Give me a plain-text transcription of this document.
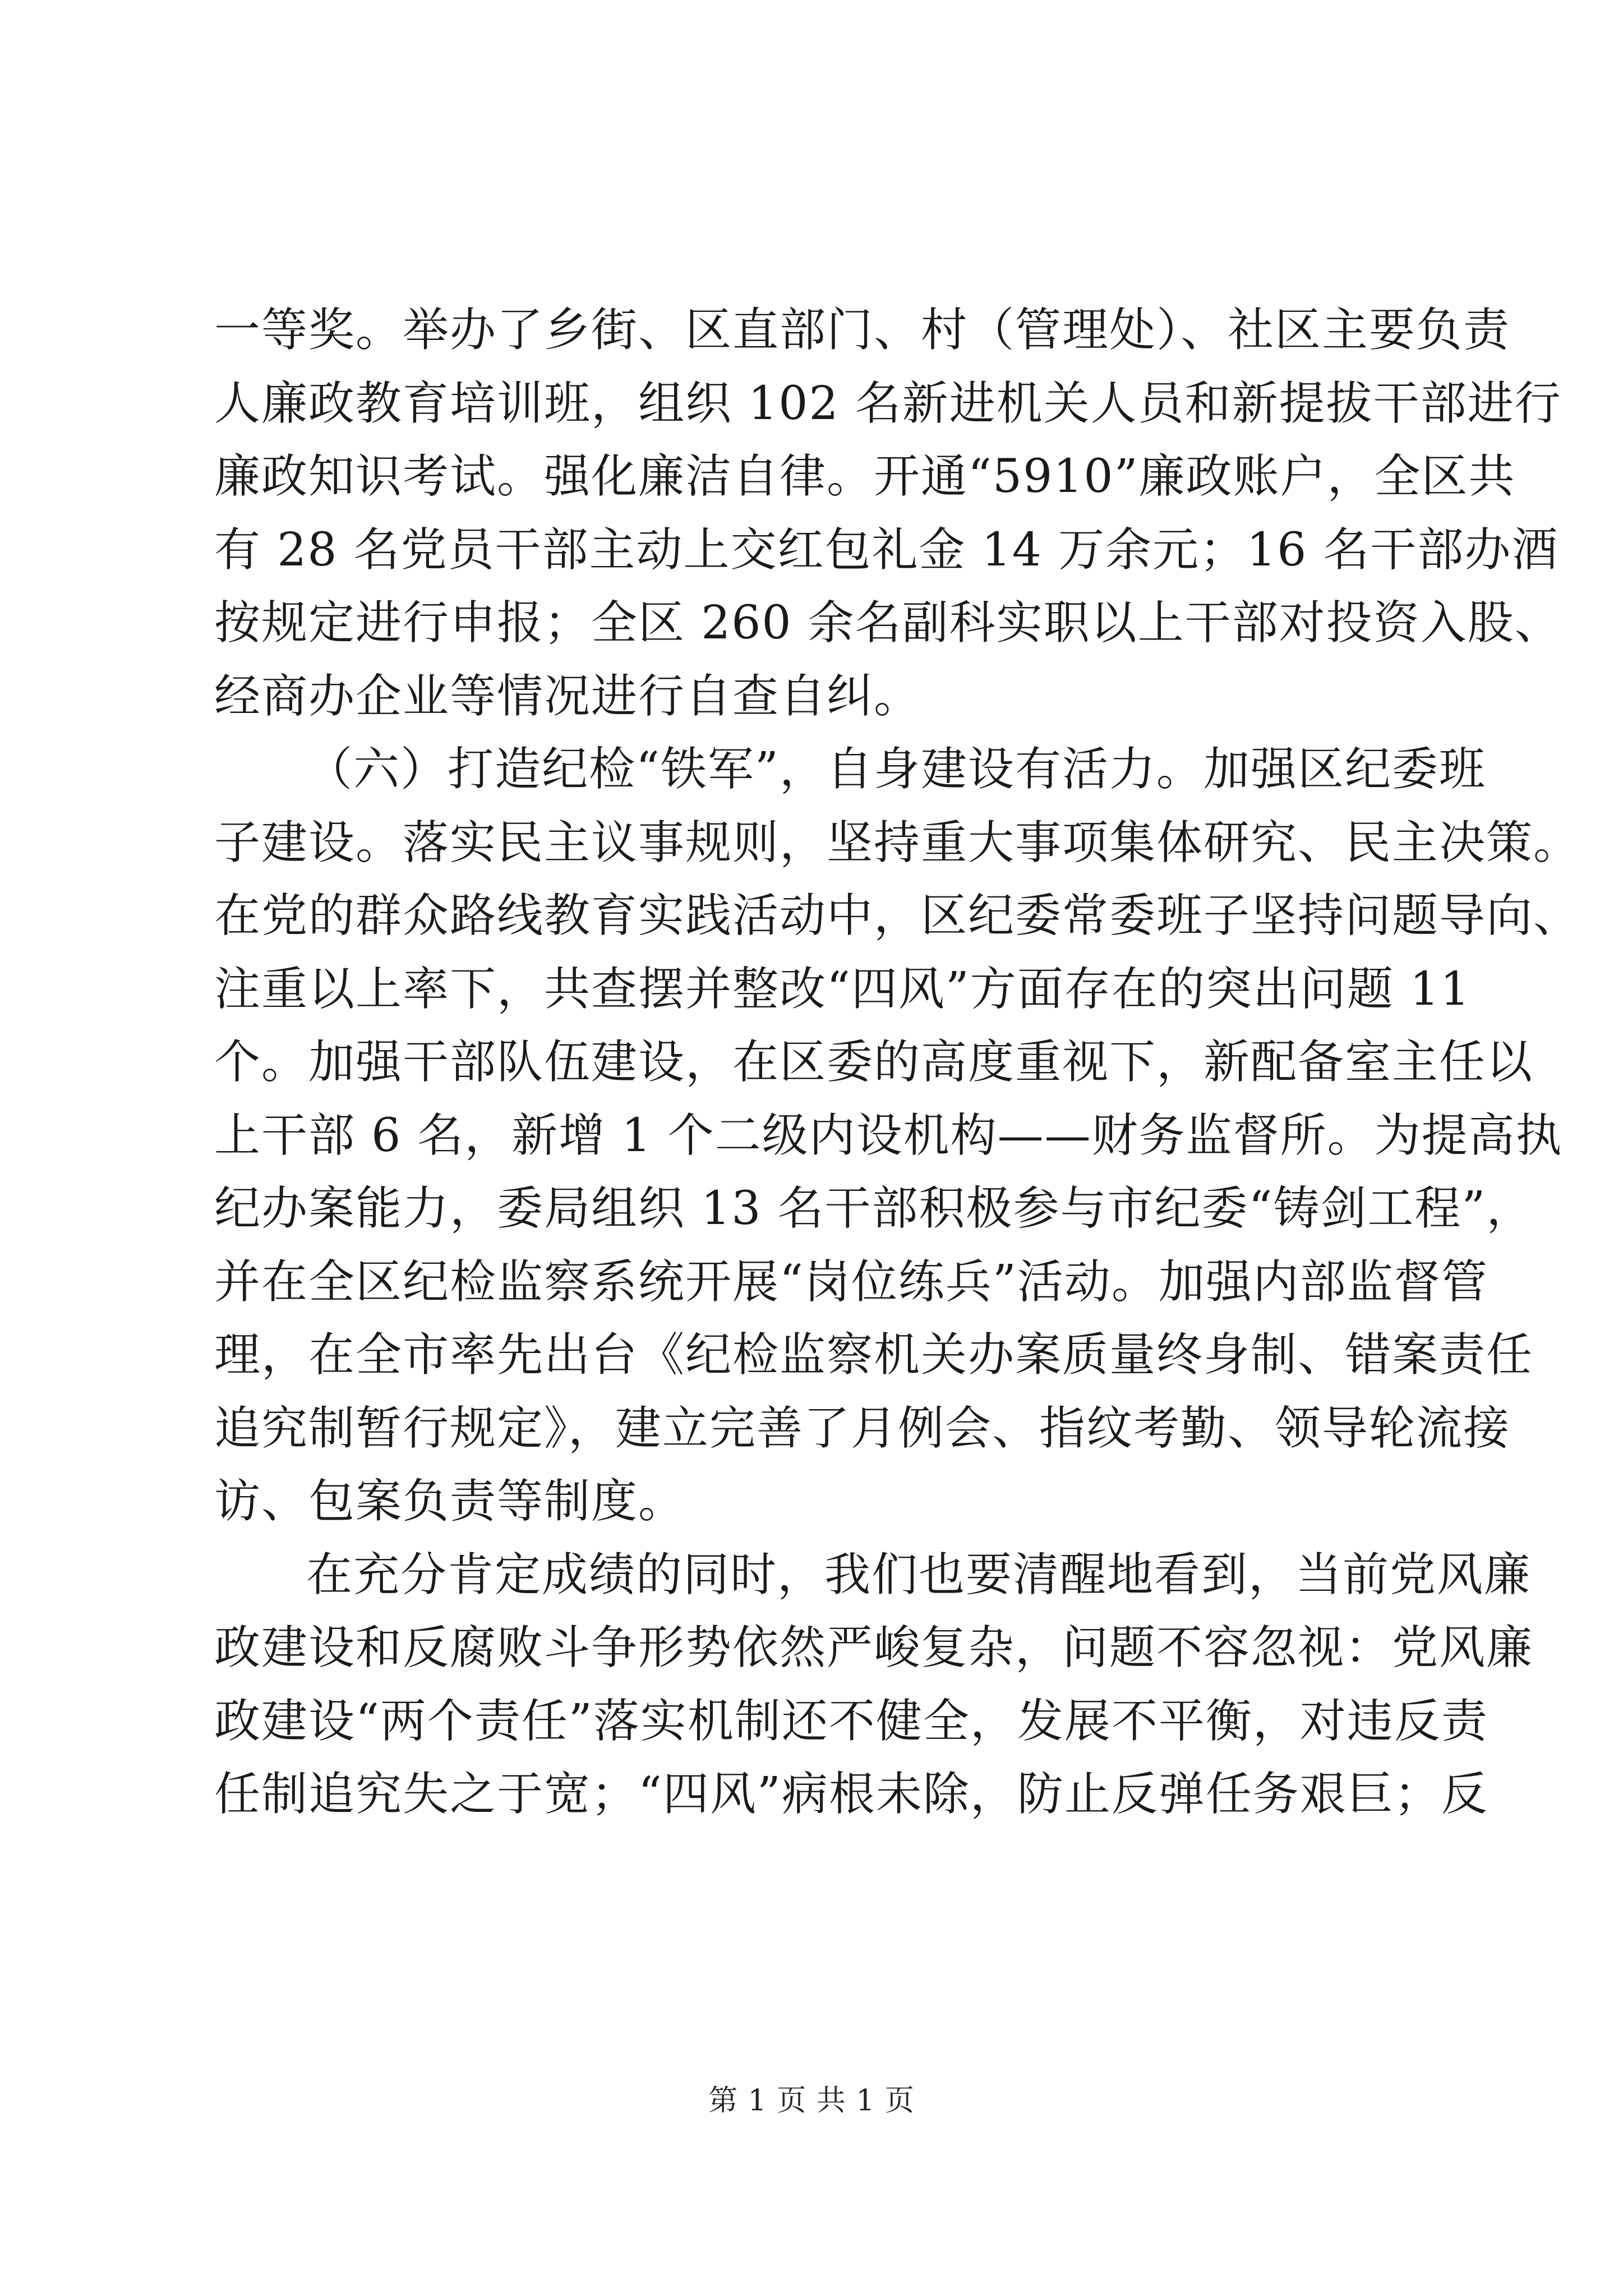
一等奖。举办了乡街、区直部门、村（管理处）、社区主要负责
人廉政教育培训班，组织 102 名新进机关人员和新提拔干部进行
廉政知识考试。强化廉洁自律。开通“5910”廉政账户，全区共
有 28 名党员干部主动上交红包礼金 14 万余元；16 名干部办酒
按规定进行申报；全区 260 余名副科实职以上干部对投资入股、
经商办企业等情况进行自查自纠。
（六）打造纪检“铁军”，自身建设有活力。加强区纪委班
子建设。落实民主议事规则，坚持重大事项集体研究、民主决策。
在党的群众路线教育实践活动中，区纪委常委班子坚持问题导向、
注重以上率下，共查摆并整改“四风”方面存在的突出问题 11
个。加强干部队伍建设，在区委的高度重视下，新配备室主任以
上干部 6 名，新增 1 个二级内设机构——财务监督所。为提高执
纪办案能力，委局组织 13 名干部积极参与市纪委“铸剑工程”，
并在全区纪检监察系统开展“岗位练兵”活动。加强内部监督管
理，在全市率先出台《纪检监察机关办案质量终身制、错案责任
追究制暂行规定》，建立完善了月例会、指纹考勤、领导轮流接
访、包案负责等制度。
在充分肯定成绩的同时，我们也要清醒地看到，当前党风廉
政建设和反腐败斗争形势依然严峻复杂，问题不容忽视：党风廉
政建设“两个责任”落实机制还不健全，发展不平衡，对违反责
任制追究失之于宽；“四风”病根未除，防止反弹任务艰巨；反
第 1 页 共 1 页
